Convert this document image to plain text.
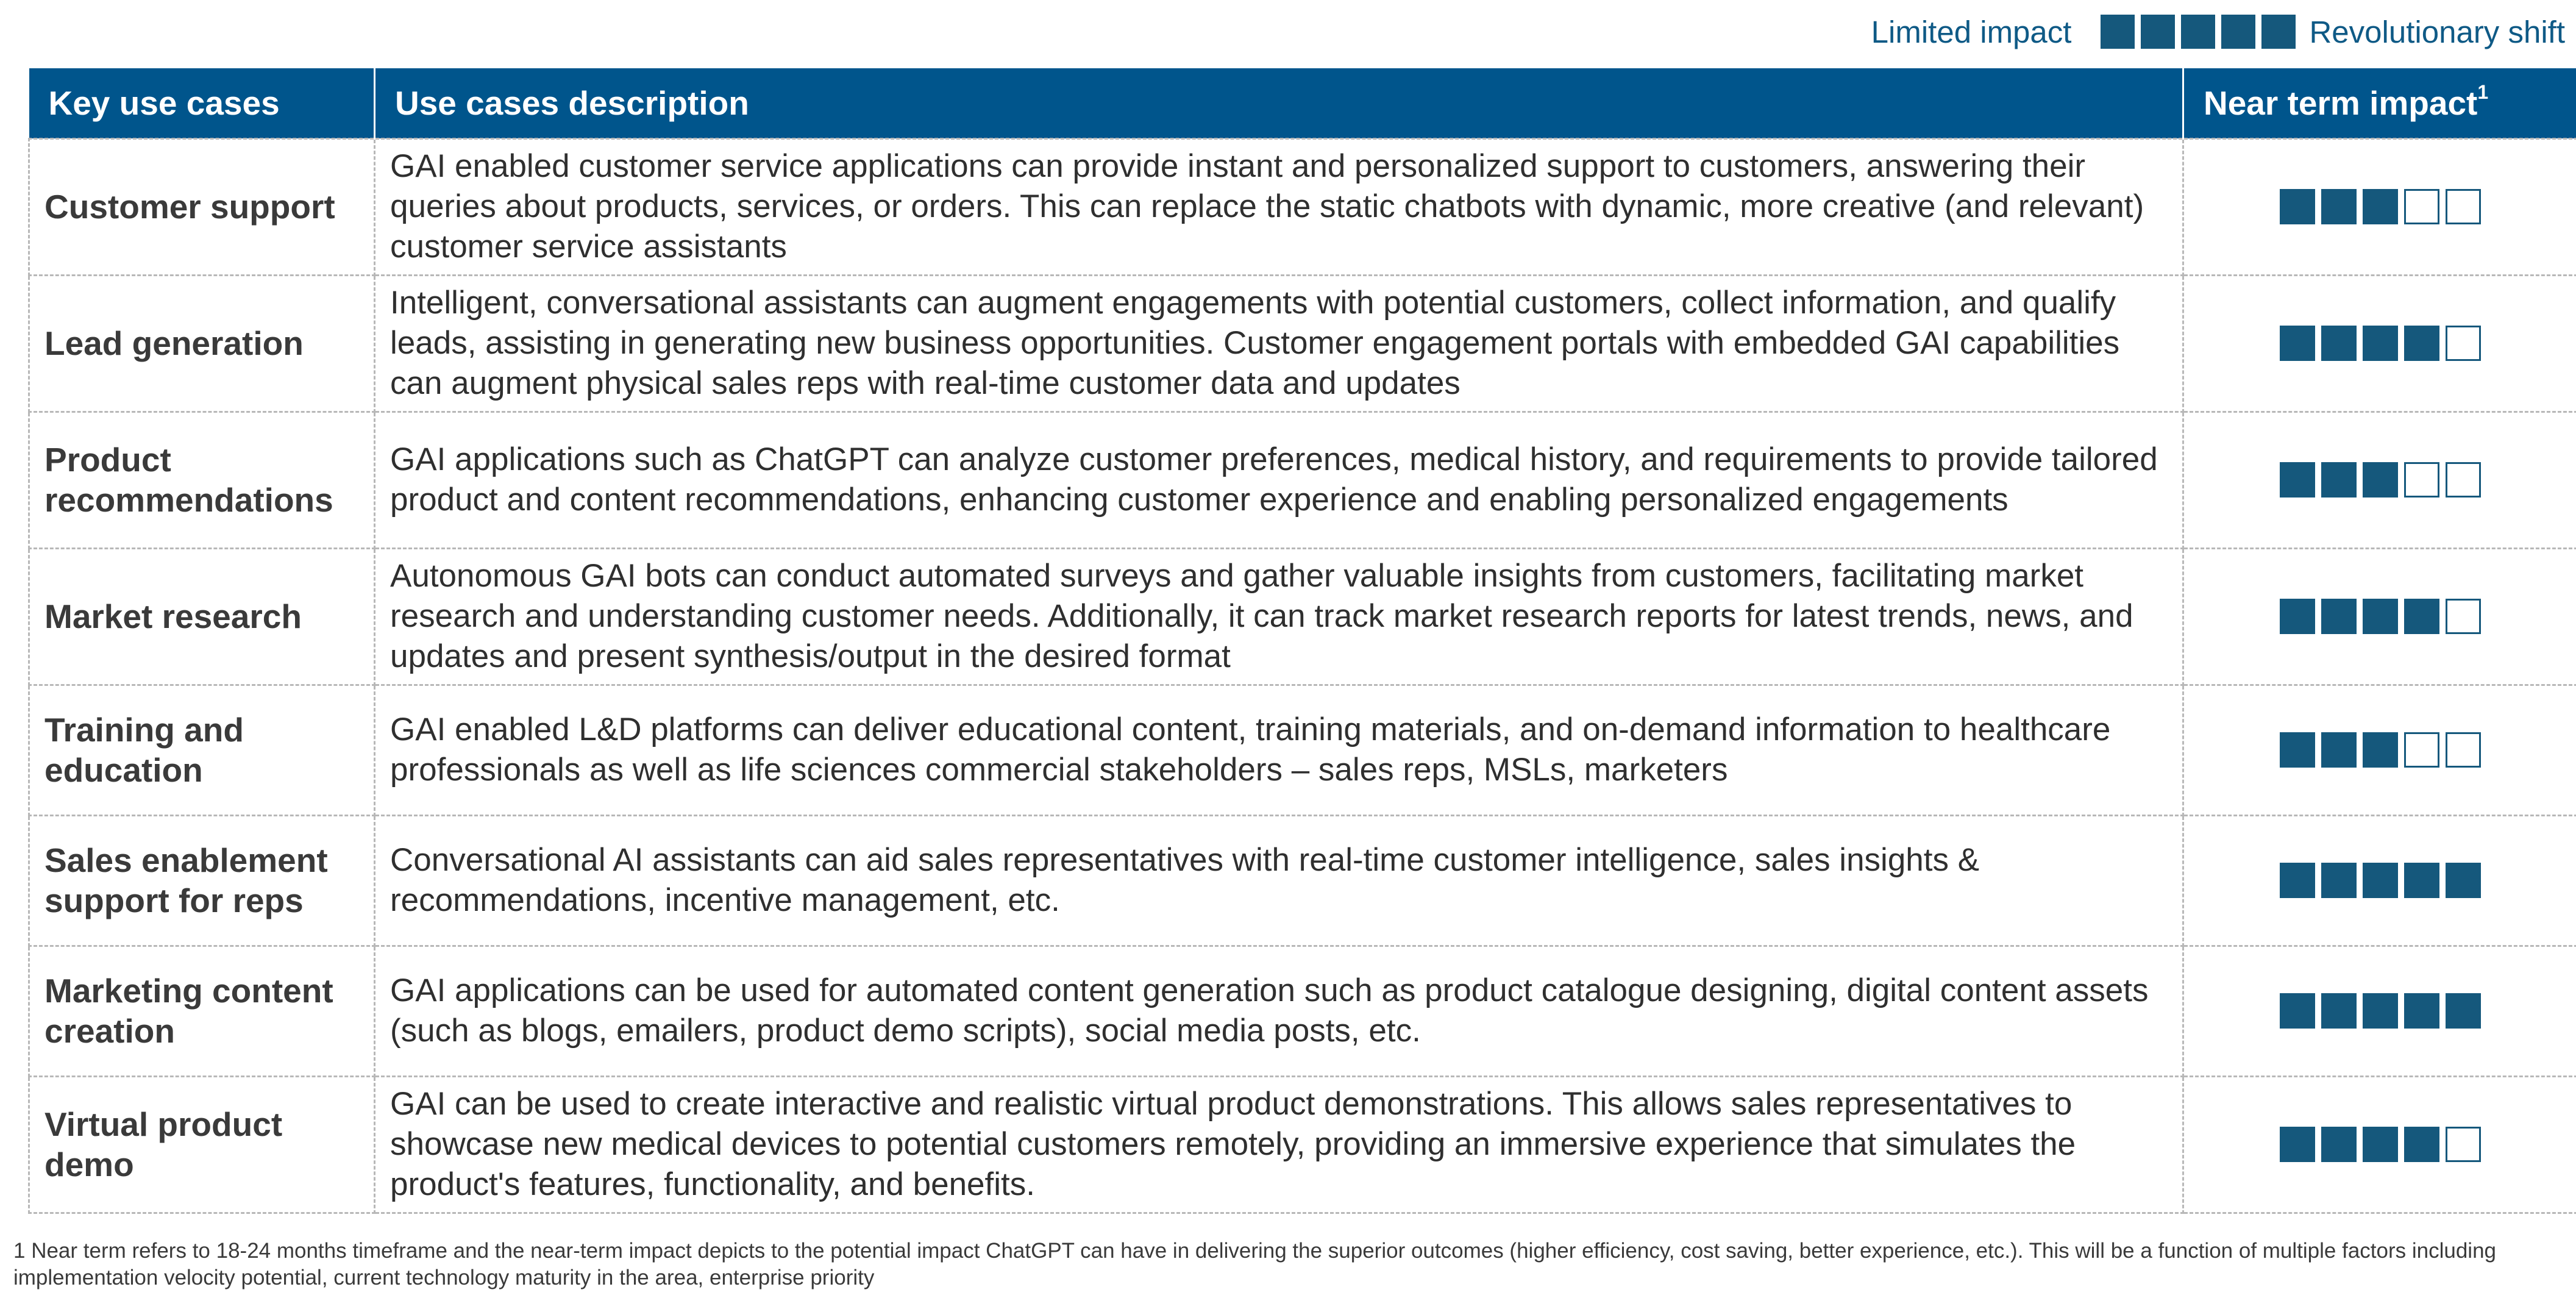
Limited impact	Revolutionary shift
Key use cases	Use cases description	Near term impact$^1$
Customer support	GAI enabled customer service applications can provide instant and personalized support to customers, answering their queries about products, services, or orders. This can replace the static chatbots with dynamic, more creative (and relevant) customer service assistants	

Lead generation	Intelligent, conversational assistants can augment engagements with potential customers, collect information, and qualify leads, assisting in generating new business opportunities. Customer engagement portals with embedded GAI capabilities can augment physical sales reps with real-time customer data and updates	

Product recommendations	GAI applications such as ChatGPT can analyze customer preferences, medical history, and requirements to provide tailored product and content recommendations, enhancing customer experience and enabling personalized engagements	

Market research	Autonomous GAI bots can conduct automated surveys and gather valuable insights from customers, facilitating market research and understanding customer needs. Additionally, it can track market research reports for latest trends, news, and updates and present synthesis/output in the desired format	

Training and education	GAI enabled L&D platforms can deliver educational content, training materials, and on-demand information to healthcare professionals as well as life sciences commercial stakeholders – sales reps, MSLs, marketers	

Sales enablement support for reps	Conversational AI assistants can aid sales representatives with real-time customer intelligence, sales insights & recommendations, incentive management, etc.	

Marketing content creation	GAI applications can be used for automated content generation such as product catalogue designing, digital content assets (such as blogs, emailers, product demo scripts), social media posts, etc.	

Virtual product demo	GAI can be used to create interactive and realistic virtual product demonstrations. This allows sales representatives to showcase new medical devices to potential customers remotely, providing an immersive experience that simulates the product's features, functionality, and benefits.	
1 Near term refers to 18-24 months timeframe and the near-term impact depicts to the potential impact ChatGPT can have in delivering the superior outcomes (higher efficiency, cost saving, better experience, etc.). This will be a function of multiple factors including implementation velocity potential, current technology maturity in the area, enterprise priority
